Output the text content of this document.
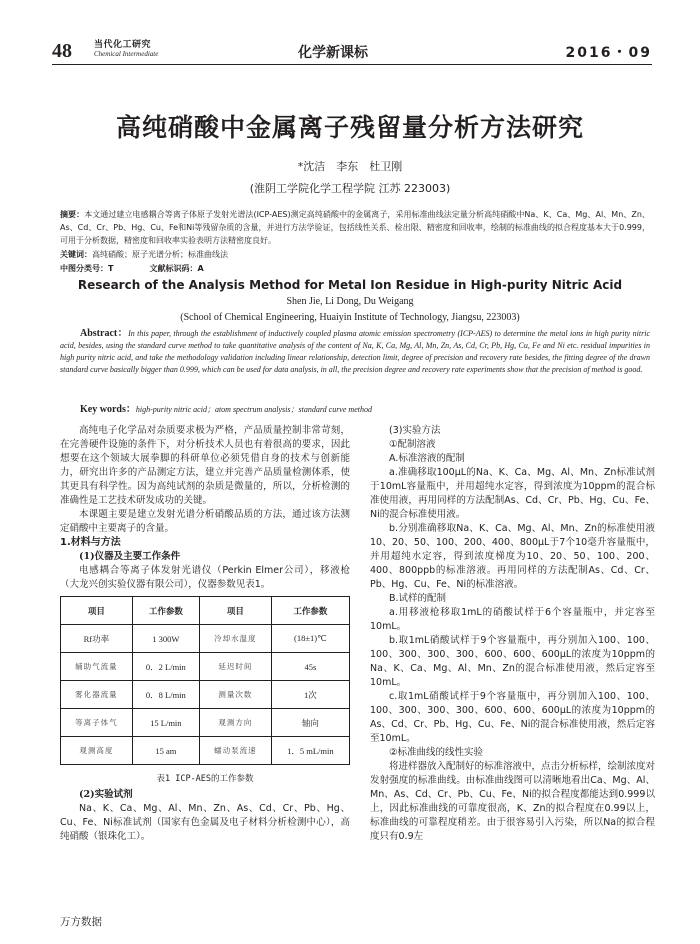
48 当代化工研究
Chemical Intermediate	化学新课标	2016・09
高纯硝酸中金属离子残留量分析方法研究
*沈洁　李东　杜卫刚
(淮阴工学院化学工程学院 江苏 223003)
摘要：本文通过建立电感耦合等离子体原子发射光谱法(ICP-AES)测定高纯硝酸中的金属离子，采用标准曲线法定量分析高纯硝酸中Na、K、Ca、Mg、Al、Mn、Zn、As、Cd、Cr、Pb、Hg、Cu、Fe和Ni等残留杂质的含量，并进行方法学验证，包括线性关系、检出限、精密度和回收率，绘制的标准曲线的拟合程度基本大于0.999，可用于分析数据，精密度和回收率实验表明方法精密度良好。
关键词：高纯硝酸；原子光谱分析；标准曲线法
中图分类号：T	文献标识码：A
Research of the Analysis Method for Metal Ion Residue in High-purity Nitric Acid
Shen Jie, Li Dong, Du Weigang
(School of Chemical Engineering, Huaiyin Institute of Technology, Jiangsu, 223003)
Abstract：In this paper, through the establishment of inductively coupled plasma atomic emission spectrometry (ICP-AES) to determine the metal ions in high purity nitric acid, besides, using the standard curve method to take quantitative analysis of the content of Na, K, Ca, Mg, Al, Mn, Zn, As, Cd, Cr, Pb, Hg, Cu, Fe and Ni etc. residual impurities in high purity nitric acid, and take the methodology validation including linear relationship, detection limit, degree of precision and recovery rate besides, the fitting degree of the drawn standard curve basically bigger than 0.999, which can be used for data analysis, in all, the precision degree and recovery rate experiments show that the precision of method is good.
Key words：high-purity nitric acid；atom spectrum analysis；standard curve method

高纯电子化学品对杂质要求极为严格，产品质量控制非常苛刻，在完善硬件设施的条件下，对分析技术人员也有着很高的要求，因此想要在这个领域大展拳脚的科研单位必须凭借自身的技术与创新能力，研究出许多的产品测定方法，建立并完善产品质量检测体系，使其更具有科学性。因为高纯试剂的杂质是微量的，所以，分析检测的准确性是工艺技术研发成功的关键。

本课题主要是建立发射光谱分析硝酸品质的方法，通过该方法测定硝酸中主要离子的含量。

1.材料与方法

(1)仪器及主要工作条件

电感耦合等离子体发射光谱仪（Perkin Elmer公司），移液枪（大龙兴创实验仪器有限公司），仪器参数见表1。

项目	工作参数	项目	工作参数
Rf功率	1 300W	冷却水温度	(18±1)℃
辅助气流量	0．2 L/min	延迟时间	45s
雾化器流量	0．8 L/min	测量次数	1次
等离子体气	15 L/min	观测方向	轴向
观测高度	15 am	蠕动泵流速	1．5 mL/min
表1 ICP-AES的工作参数

(2)实验试剂

Na、K、Ca、Mg、Al、Mn、Zn、As、Cd、Cr、Pb、Hg、Cu、Fe、Ni标准试剂（国家有色金属及电子材料分析检测中心），高纯硝酸（银珠化工）。

(3)实验方法

①配制溶液

A.标准溶液的配制

a.准确移取100μL的Na、K、Ca、Mg、Al、Mn、Zn标准试剂于10mL容量瓶中，并用超纯水定容，得到浓度为10ppm的混合标准使用液，再用同样的方法配制As、Cd、Cr、Pb、Hg、Cu、Fe、Ni的混合标准使用液。

b.分别准确移取Na、K、Ca、Mg、Al、Mn、Zn的标准使用液10、20、50、100、200、400、800μL于7个10毫升容量瓶中，并用超纯水定容，得到浓度梯度为10、20、50、100、200、400、800ppb的标准溶液。再用同样的方法配制As、Cd、Cr、Pb、Hg、Cu、Fe、Ni的标准溶液。

B.试样的配制

a.用移液枪移取1mL的硝酸试样于6个容量瓶中，并定容至10mL。

b.取1mL硝酸试样于9个容量瓶中，再分别加入100、100、100、300、300、300、600、600、600μL的浓度为10ppm的Na、K、Ca、Mg、Al、Mn、Zn的混合标准使用液，然后定容至10mL。

c.取1mL硝酸试样于9个容量瓶中，再分别加入100、100、100、300、300、300、600、600、600μL的浓度为10ppm的As、Cd、Cr、Pb、Hg、Cu、Fe、Ni的混合标准使用液，然后定容至10mL。

②标准曲线的线性实验

将进样器放入配制好的标准溶液中，点击分析标样，绘制浓度对发射强度的标准曲线。由标准曲线图可以清晰地看出Ca、Mg、Al、Mn、As、Cd、Cr、Pb、Cu、Fe、Ni的拟合程度都能达到0.999以上，因此标准曲线的可靠度很高，K、Zn的拟合程度在0.99以上，标准曲线的可靠程度稍差。由于很容易引入污染，所以Na的拟合程度只有0.9左

万方数据
